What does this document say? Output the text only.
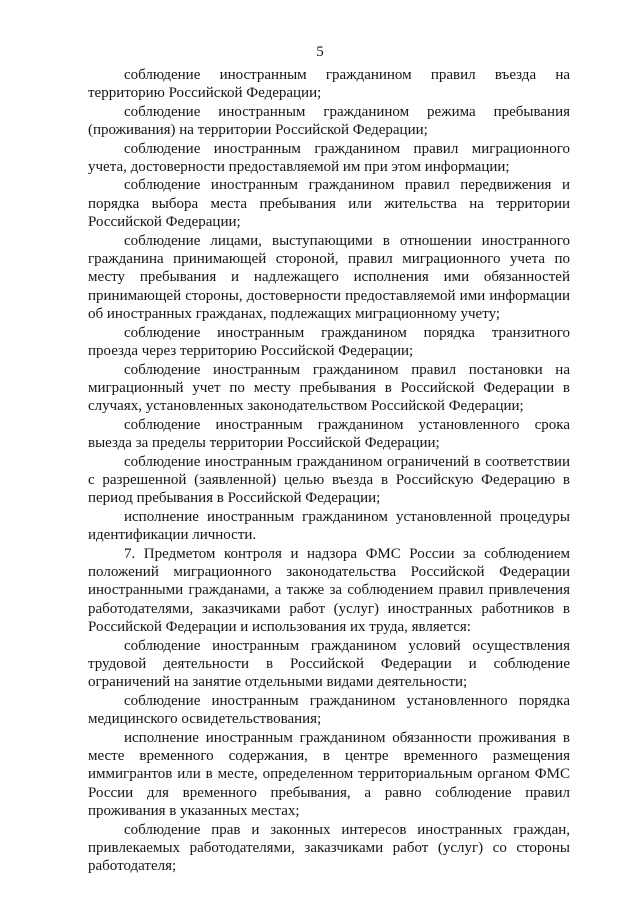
5

соблюдение иностранным гражданином правил въезда на территорию Российской Федерации;

соблюдение иностранным гражданином режима пребывания (проживания) на территории Российской Федерации;

соблюдение иностранным гражданином правил миграционного учета, достоверности предоставляемой им при этом информации;

соблюдение иностранным гражданином правил передвижения и порядка выбора места пребывания или жительства на территории Российской Федерации;

соблюдение лицами, выступающими в отношении иностранного гражданина принимающей стороной, правил миграционного учета по месту пребывания и надлежащего исполнения ими обязанностей принимающей стороны, достоверности предоставляемой ими информации об иностранных гражданах, подлежащих миграционному учету;

соблюдение иностранным гражданином порядка транзитного проезда через территорию Российской Федерации;

соблюдение иностранным гражданином правил постановки на миграционный учет по месту пребывания в Российской Федерации в случаях, установленных законодательством Российской Федерации;

соблюдение иностранным гражданином установленного срока выезда за пределы территории Российской Федерации;

соблюдение иностранным гражданином ограничений в соответствии с разрешенной (заявленной) целью въезда в Российскую Федерацию в период пребывания в Российской Федерации;

исполнение иностранным гражданином установленной процедуры идентификации личности.

7. Предметом контроля и надзора ФМС России за соблюдением положений миграционного законодательства Российской Федерации иностранными гражданами, а также за соблюдением правил привлечения работодателями, заказчиками работ (услуг) иностранных работников в Российской Федерации и использования их труда, является:

соблюдение иностранным гражданином условий осуществления трудовой деятельности в Российской Федерации и соблюдение ограничений на занятие отдельными видами деятельности;

соблюдение иностранным гражданином установленного порядка медицинского освидетельствования;

исполнение иностранным гражданином обязанности проживания в месте временного содержания, в центре временного размещения иммигрантов или в месте, определенном территориальным органом ФМС России для временного пребывания, а равно соблюдение правил проживания в указанных местах;

соблюдение прав и законных интересов иностранных граждан, привлекаемых работодателями, заказчиками работ (услуг) со стороны работодателя;
